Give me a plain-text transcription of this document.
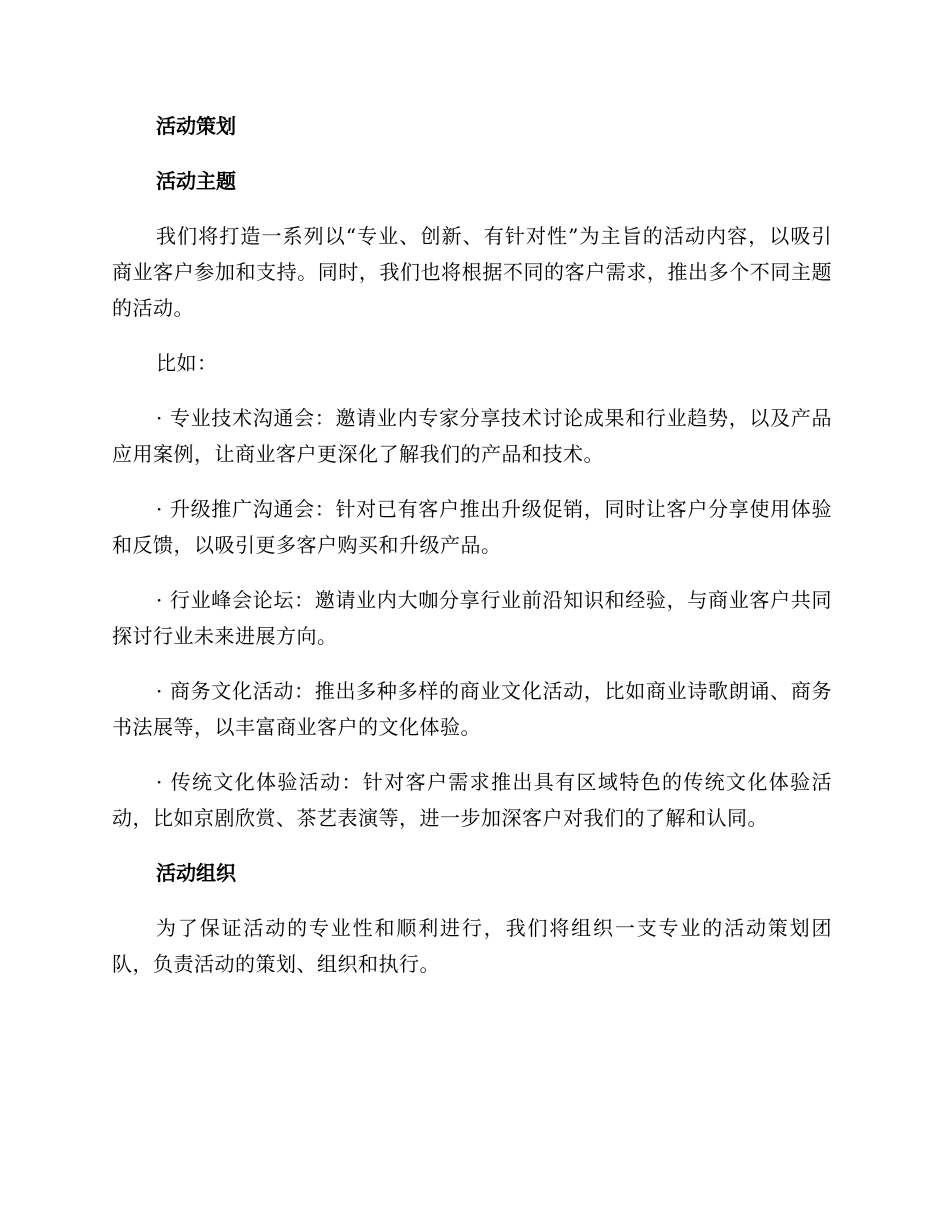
活动策划
活动主题

我们将打造一系列以“专业、创新、有针对性”为主旨的活动内容，以吸引商业客户参加和支持。同时，我们也将根据不同的客户需求，推出多个不同主题的活动。

比如：

· 专业技术沟通会：邀请业内专家分享技术讨论成果和行业趋势，以及产品应用案例，让商业客户更深化了解我们的产品和技术。

· 升级推广沟通会：针对已有客户推出升级促销，同时让客户分享使用体验和反馈，以吸引更多客户购买和升级产品。

· 行业峰会论坛：邀请业内大咖分享行业前沿知识和经验，与商业客户共同探讨行业未来进展方向。

· 商务文化活动：推出多种多样的商业文化活动，比如商业诗歌朗诵、商务书法展等，以丰富商业客户的文化体验。

· 传统文化体验活动：针对客户需求推出具有区域特色的传统文化体验活动，比如京剧欣赏、茶艺表演等，进一步加深客户对我们的了解和认同。

活动组织

为了保证活动的专业性和顺利进行，我们将组织一支专业的活动策划团队，负责活动的策划、组织和执行。
